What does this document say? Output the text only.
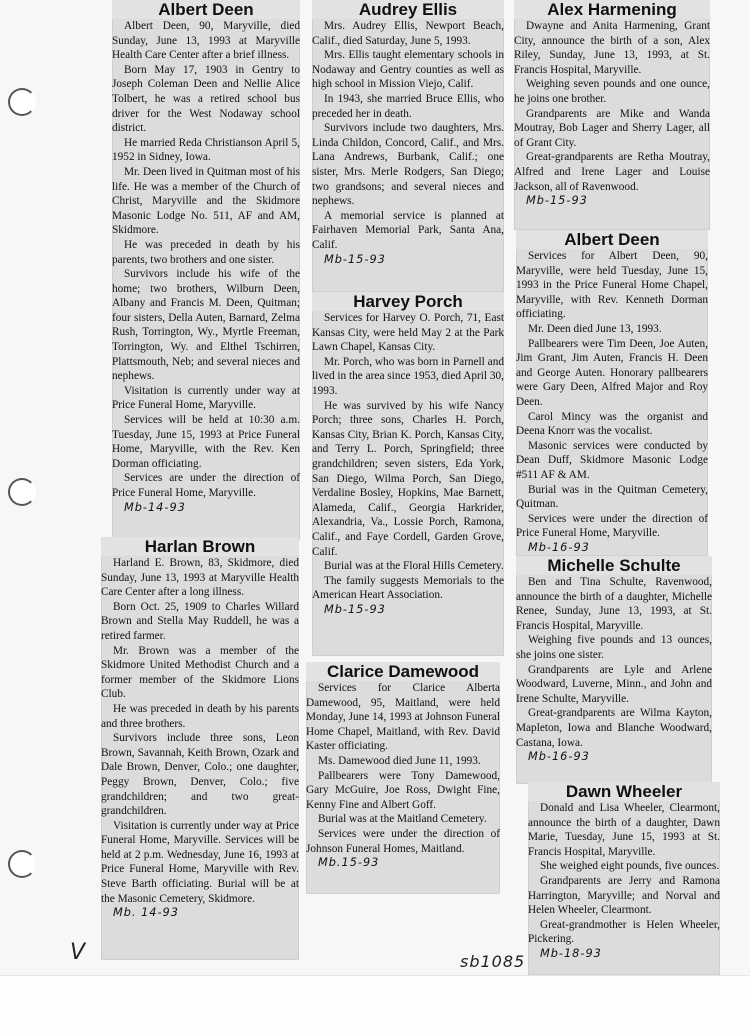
Albert Deen

Albert Deen, 90, Maryville, died Sunday, June 13, 1993 at Maryville Health Care Center after a brief illness.

Born May 17, 1903 in Gentry to Joseph Coleman Deen and Nellie Alice Tolbert, he was a retired school bus driver for the West Nodaway school district.

He married Reda Christianson April 5, 1952 in Sidney, Iowa.

Mr. Deen lived in Quitman most of his life. He was a member of the Church of Christ, Maryville and the Skidmore Masonic Lodge No. 511, AF and AM, Skidmore.

He was preceded in death by his parents, two brothers and one sister.

Survivors include his wife of the home; two brothers, Wilburn Deen, Albany and Francis M. Deen, Quitman; four sisters, Della Auten, Barnard, Zelma Rush, Torrington, Wy., Myrtle Freeman, Torrington, Wy. and Elthel Tschirren, Plattsmouth, Neb; and several nieces and nephews.

Visitation is currently under way at Price Funeral Home, Maryville.

Services will be held at 10:30 a.m. Tuesday, June 15, 1993 at Price Funeral Home, Maryville, with the Rev. Ken Dorman officiating.

Services are under the direction of Price Funeral Home, Maryville.

Mb-14-93

Harlan Brown

Harland E. Brown, 83, Skidmore, died Sunday, June 13, 1993 at Maryville Health Care Center after a long illness.

Born Oct. 25, 1909 to Charles Willard Brown and Stella May Ruddell, he was a retired farmer.

Mr. Brown was a member of the Skidmore United Methodist Church and a former member of the Skidmore Lions Club.

He was preceded in death by his parents and three brothers.

Survivors include three sons, Leon Brown, Savannah, Keith Brown, Ozark and Dale Brown, Denver, Colo.; one daughter, Peggy Brown, Denver, Colo.; five grandchildren; and two great-grandchildren.

Visitation is currently under way at Price Funeral Home, Maryville. Services will be held at 2 p.m. Wednesday, June 16, 1993 at Price Funeral Home, Maryville with Rev. Steve Barth officiating. Burial will be at the Masonic Cemetery, Skidmore.

Mb. 14-93

Audrey Ellis

Mrs. Audrey Ellis, Newport Beach, Calif., died Saturday, June 5, 1993.

Mrs. Ellis taught elementary schools in Nodaway and Gentry counties as well as high school in Mission Viejo, Calif.

In 1943, she married Bruce Ellis, who preceded her in death.

Survivors include two daughters, Mrs. Linda Childon, Concord, Calif., and Mrs. Lana Andrews, Burbank, Calif.; one sister, Mrs. Merle Rodgers, San Diego; two grandsons; and several nieces and nephews.

A memorial service is planned at Fairhaven Memorial Park, Santa Ana, Calif.

Mb-15-93

Harvey Porch

Services for Harvey O. Porch, 71, East Kansas City, were held May 2 at the Park Lawn Chapel, Kansas City.

Mr. Porch, who was born in Parnell and lived in the area since 1953, died April 30, 1993.

He was survived by his wife Nancy Porch; three sons, Charles H. Porch, Kansas City, Brian K. Porch, Kansas City, and Terry L. Porch, Springfield; three grandchildren; seven sisters, Eda York, San Diego, Wilma Porch, San Diego, Verdaline Bosley, Hopkins, Mae Barnett, Alameda, Calif., Georgia Harkrider, Alexandria, Va., Lossie Porch, Ramona, Calif., and Faye Cordell, Garden Grove, Calif.

Burial was at the Floral Hills Cemetery.

The family suggests Memorials to the American Heart Association.

Mb-15-93

Clarice Damewood

Services for Clarice Alberta Damewood, 95, Maitland, were held Monday, June 14, 1993 at Johnson Funeral Home Chapel, Maitland, with Rev. David Kaster officiating.

Ms. Damewood died June 11, 1993.

Pallbearers were Tony Damewood, Gary McGuire, Joe Ross, Dwight Fine, Kenny Fine and Albert Goff.

Burial was at the Maitland Cemetery.

Services were under the direction of Johnson Funeral Homes, Maitland.

Mb.15-93

Alex Harmening

Dwayne and Anita Harmening, Grant City, announce the birth of a son, Alex Riley, Sunday, June 13, 1993, at St. Francis Hospital, Maryville.

Weighing seven pounds and one ounce, he joins one brother.

Grandparents are Mike and Wanda Moutray, Bob Lager and Sherry Lager, all of Grant City.

Great-grandparents are Retha Moutray, Alfred and Irene Lager and Louise Jackson, all of Ravenwood.

Mb-15-93

Albert Deen

Services for Albert Deen, 90, Maryville, were held Tuesday, June 15, 1993 in the Price Funeral Home Chapel, Maryville, with Rev. Kenneth Dorman officiating.

Mr. Deen died June 13, 1993.

Pallbearers were Tim Deen, Joe Auten, Jim Grant, Jim Auten, Francis H. Deen and George Auten. Honorary pallbearers were Gary Deen, Alfred Major and Roy Deen.

Carol Mincy was the organist and Deena Knorr was the vocalist.

Masonic services were conducted by Dean Duff, Skidmore Masonic Lodge #511 AF & AM.

Burial was in the Quitman Cemetery, Quitman.

Services were under the direction of Price Funeral Home, Maryville.

Mb-16-93

Michelle Schulte

Ben and Tina Schulte, Ravenwood, announce the birth of a daughter, Michelle Renee, Sunday, June 13, 1993, at St. Francis Hospital, Maryville.

Weighing five pounds and 13 ounces, she joins one sister.

Grandparents are Lyle and Arlene Woodward, Luverne, Minn., and John and Irene Schulte, Maryville.

Great-grandparents are Wilma Kayton, Mapleton, Iowa and Blanche Woodward, Castana, Iowa.

Mb-16-93

Dawn Wheeler

Donald and Lisa Wheeler, Clearmont, announce the birth of a daughter, Dawn Marie, Tuesday, June 15, 1993 at St. Francis Hospital, Maryville.

She weighed eight pounds, five ounces.

Grandparents are Jerry and Ramona Harrington, Maryville; and Norval and Helen Wheeler, Clearmont.

Great-grandmother is Helen Wheeler, Pickering.

Mb-18-93

V	sb1085
